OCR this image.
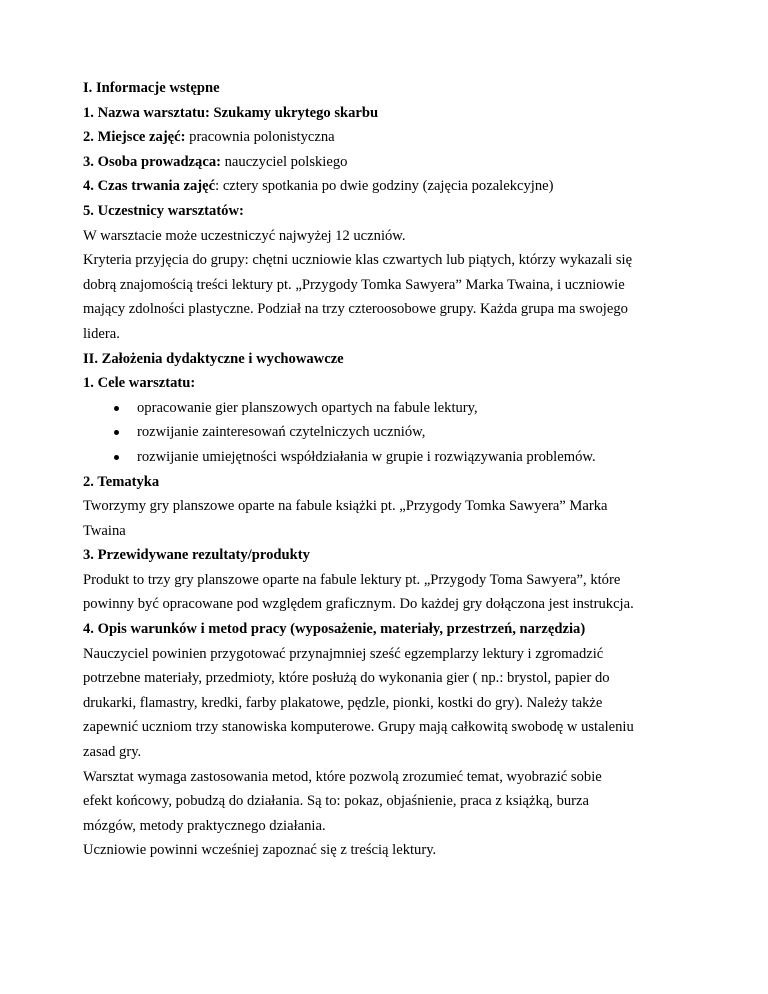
I. Informacje wstępne
1. Nazwa warsztatu: Szukamy ukrytego skarbu
2. Miejsce zajęć: pracownia polonistyczna
3. Osoba prowadząca: nauczyciel polskiego
4. Czas trwania zajęć: cztery spotkania po dwie godziny (zajęcia pozalekcyjne)
5. Uczestnicy warsztatów:
W warsztacie może uczestniczyć najwyżej 12 uczniów.
Kryteria przyjęcia do grupy: chętni uczniowie klas czwartych lub piątych, którzy wykazali się
dobrą znajomością treści lektury pt. „Przygody Tomka Sawyera” Marka Twaina, i uczniowie
mający zdolności plastyczne. Podział na trzy czteroosobowe grupy. Każda grupa ma swojego
lidera.
II. Założenia dydaktyczne i wychowawcze
1. Cele warsztatu:
opracowanie gier planszowych opartych na fabule lektury,
rozwijanie zainteresowań czytelniczych uczniów,
rozwijanie umiejętności współdziałania w grupie i rozwiązywania problemów.
2. Tematyka
Tworzymy gry planszowe oparte na fabule książki pt. „Przygody Tomka Sawyera” Marka
Twaina
3. Przewidywane rezultaty/produkty
Produkt to trzy gry planszowe oparte na fabule lektury pt. „Przygody Toma Sawyera”, które
powinny być opracowane pod względem graficznym. Do każdej gry dołączona jest instrukcja.
4. Opis warunków i metod pracy (wyposażenie, materiały, przestrzeń, narzędzia)
Nauczyciel powinien przygotować przynajmniej sześć egzemplarzy lektury i zgromadzić
potrzebne materiały, przedmioty, które posłużą do wykonania gier ( np.: brystol, papier do
drukarki, flamastry, kredki, farby plakatowe, pędzle, pionki, kostki do gry). Należy także
zapewnić uczniom trzy stanowiska komputerowe. Grupy mają całkowitą swobodę w ustaleniu
zasad gry.
Warsztat wymaga zastosowania metod, które pozwolą zrozumieć temat, wyobrazić sobie
efekt końcowy, pobudzą do działania. Są to: pokaz, objaśnienie, praca z książką, burza
mózgów, metody praktycznego działania.
Uczniowie powinni wcześniej zapoznać się z treścią lektury.
